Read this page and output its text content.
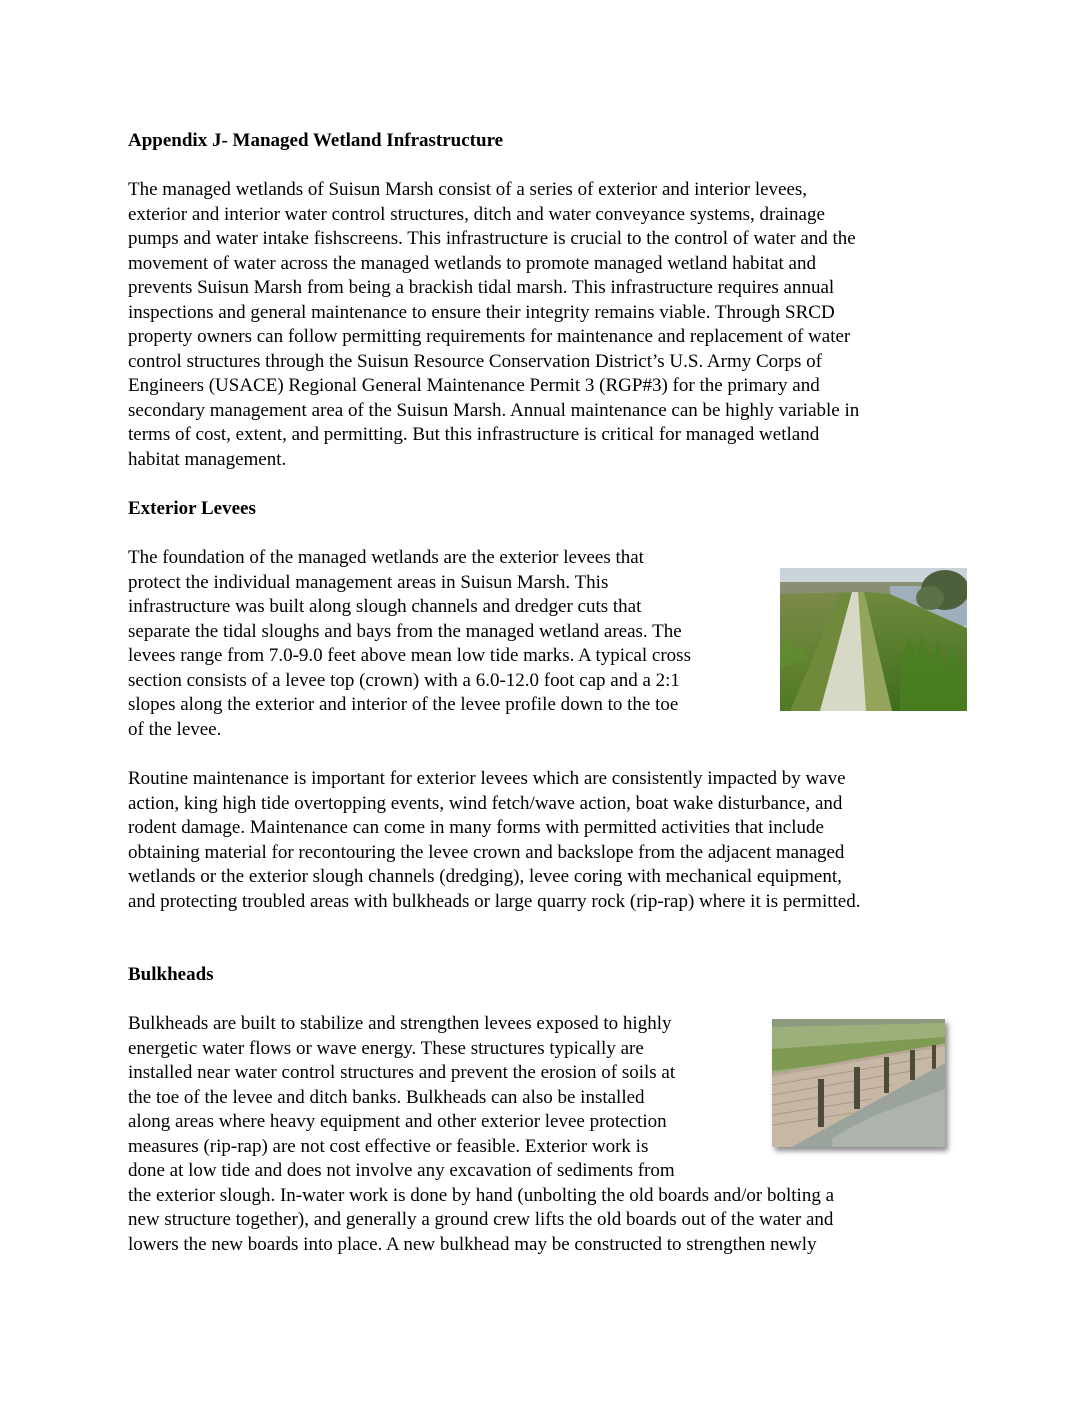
Appendix J- Managed Wetland Infrastructure

The managed wetlands of Suisun Marsh consist of a series of exterior and interior levees,
exterior and interior water control structures, ditch and water conveyance systems, drainage
pumps and water intake fishscreens. This infrastructure is crucial to the control of water and the
movement of water across the managed wetlands to promote managed wetland habitat and
prevents Suisun Marsh from being a brackish tidal marsh. This infrastructure requires annual
inspections and general maintenance to ensure their integrity remains viable. Through SRCD
property owners can follow permitting requirements for maintenance and replacement of water
control structures through the Suisun Resource Conservation District’s U.S. Army Corps of
Engineers (USACE) Regional General Maintenance Permit 3 (RGP#3) for the primary and
secondary management area of the Suisun Marsh. Annual maintenance can be highly variable in
terms of cost, extent, and permitting. But this infrastructure is critical for managed wetland
habitat management.

Exterior Levees

The foundation of the managed wetlands are the exterior levees that
protect the individual management areas in Suisun Marsh. This
infrastructure was built along slough channels and dredger cuts that
separate the tidal sloughs and bays from the managed wetland areas. The
levees range from 7.0-9.0 feet above mean low tide marks. A typical cross
section consists of a levee top (crown) with a 6.0-12.0 foot cap and a 2:1
slopes along the exterior and interior of the levee profile down to the toe
of the levee.

Routine maintenance is important for exterior levees which are consistently impacted by wave
action, king high tide overtopping events, wind fetch/wave action, boat wake disturbance, and
rodent damage. Maintenance can come in many forms with permitted activities that include
obtaining material for recontouring the levee crown and backslope from the adjacent managed
wetlands or the exterior slough channels (dredging), levee coring with mechanical equipment,
and protecting troubled areas with bulkheads or large quarry rock (rip-rap) where it is permitted.

Bulkheads

Bulkheads are built to stabilize and strengthen levees exposed to highly
energetic water flows or wave energy. These structures typically are
installed near water control structures and prevent the erosion of soils at
the toe of the levee and ditch banks. Bulkheads can also be installed
along areas where heavy equipment and other exterior levee protection
measures (rip-rap) are not cost effective or feasible. Exterior work is
done at low tide and does not involve any excavation of sediments from
the exterior slough. In-water work is done by hand (unbolting the old boards and/or bolting a
new structure together), and generally a ground crew lifts the old boards out of the water and
lowers the new boards into place. A new bulkhead may be constructed to strengthen newly
